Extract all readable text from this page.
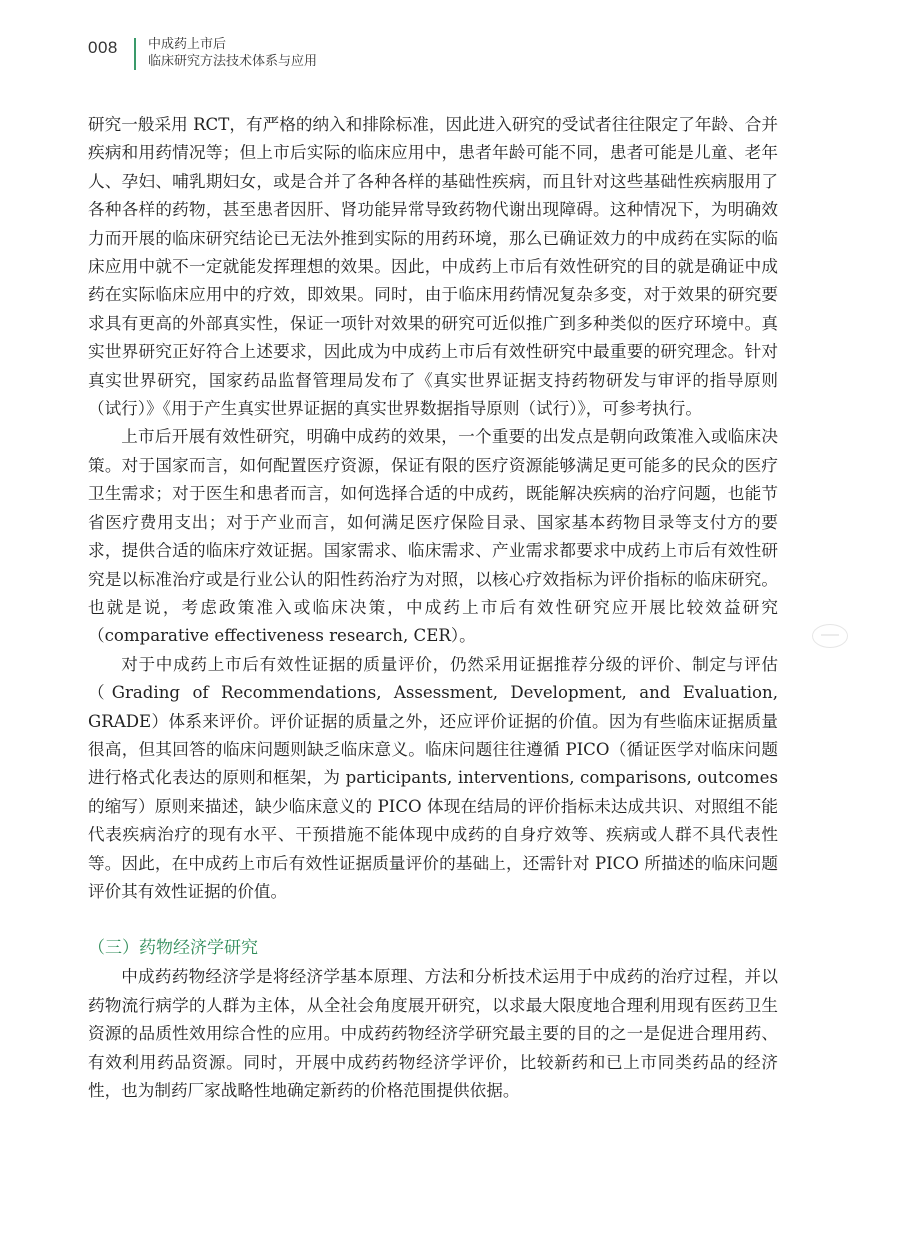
008 中成药上市后
临床研究方法技术体系与应用

研究一般采用 RCT，有严格的纳入和排除标准，因此进入研究的受试者往往限定了年龄、合并疾病和用药情况等；但上市后实际的临床应用中，患者年龄可能不同，患者可能是儿童、老年人、孕妇、哺乳期妇女，或是合并了各种各样的基础性疾病，而且针对这些基础性疾病服用了各种各样的药物，甚至患者因肝、肾功能异常导致药物代谢出现障碍。这种情况下，为明确效力而开展的临床研究结论已无法外推到实际的用药环境，那么已确证效力的中成药在实际的临床应用中就不一定就能发挥理想的效果。因此，中成药上市后有效性研究的目的就是确证中成药在实际临床应用中的疗效，即效果。同时，由于临床用药情况复杂多变，对于效果的研究要求具有更高的外部真实性，保证一项针对效果的研究可近似推广到多种类似的医疗环境中。真实世界研究正好符合上述要求，因此成为中成药上市后有效性研究中最重要的研究理念。针对真实世界研究，国家药品监督管理局发布了《真实世界证据支持药物研发与审评的指导原则（试行）》《用于产生真实世界证据的真实世界数据指导原则（试行）》，可参考执行。

上市后开展有效性研究，明确中成药的效果，一个重要的出发点是朝向政策准入或临床决策。对于国家而言，如何配置医疗资源，保证有限的医疗资源能够满足更可能多的民众的医疗卫生需求；对于医生和患者而言，如何选择合适的中成药，既能解决疾病的治疗问题，也能节省医疗费用支出；对于产业而言，如何满足医疗保险目录、国家基本药物目录等支付方的要求，提供合适的临床疗效证据。国家需求、临床需求、产业需求都要求中成药上市后有效性研究是以标准治疗或是行业公认的阳性药治疗为对照，以核心疗效指标为评价指标的临床研究。也就是说，考虑政策准入或临床决策，中成药上市后有效性研究应开展比较效益研究（comparative effectiveness research, CER）。

对于中成药上市后有效性证据的质量评价，仍然采用证据推荐分级的评价、制定与评估（Grading of Recommendations, Assessment, Development, and Evaluation, GRADE）体系来评价。评价证据的质量之外，还应评价证据的价值。因为有些临床证据质量很高，但其回答的临床问题则缺乏临床意义。临床问题往往遵循 PICO（循证医学对临床问题进行格式化表达的原则和框架，为 participants, interventions, comparisons, outcomes 的缩写）原则来描述，缺少临床意义的 PICO 体现在结局的评价指标未达成共识、对照组不能代表疾病治疗的现有水平、干预措施不能体现中成药的自身疗效等、疾病或人群不具代表性等。因此，在中成药上市后有效性证据质量评价的基础上，还需针对 PICO 所描述的临床问题评价其有效性证据的价值。

（三）药物经济学研究

中成药药物经济学是将经济学基本原理、方法和分析技术运用于中成药的治疗过程，并以药物流行病学的人群为主体，从全社会角度展开研究，以求最大限度地合理利用现有医药卫生资源的品质性效用综合性的应用。中成药药物经济学研究最主要的目的之一是促进合理用药、有效利用药品资源。同时，开展中成药药物经济学评价，比较新药和已上市同类药品的经济性，也为制药厂家战略性地确定新药的价格范围提供依据。
